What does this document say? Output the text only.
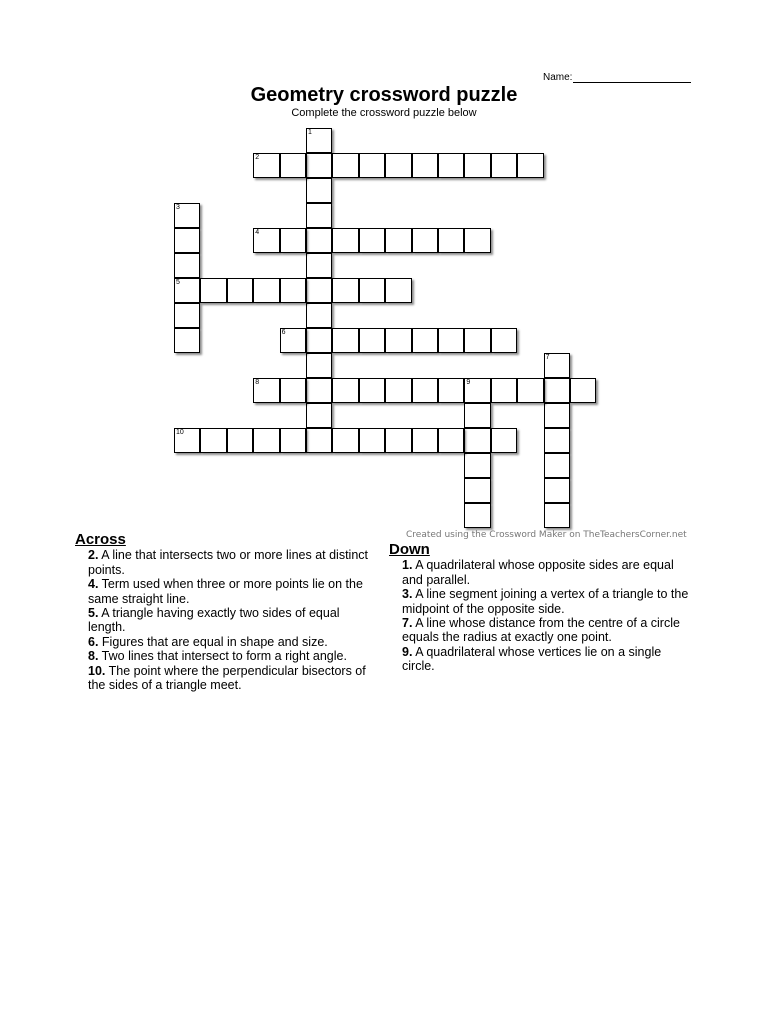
Name:
Geometry crossword puzzle
Complete the crossword puzzle below
1
2
3
5
4
6
7
8	9
10
Created using the Crossword Maker on TheTeachersCorner.net
Across
2. A line that intersects two or more lines at distinct points.
4. Term used when three or more points lie on the same straight line.
5. A triangle having exactly two sides of equal length.
6. Figures that are equal in shape and size.
8. Two lines that intersect to form a right angle.
10. The point where the perpendicular bisectors of the sides of a triangle meet.
Down
1. A quadrilateral whose opposite sides are equal and parallel.
3. A line segment joining a vertex of a triangle to the midpoint of the opposite side.
7. A line whose distance from the centre of a circle equals the radius at exactly one point.
9. A quadrilateral whose vertices lie on a single circle.
